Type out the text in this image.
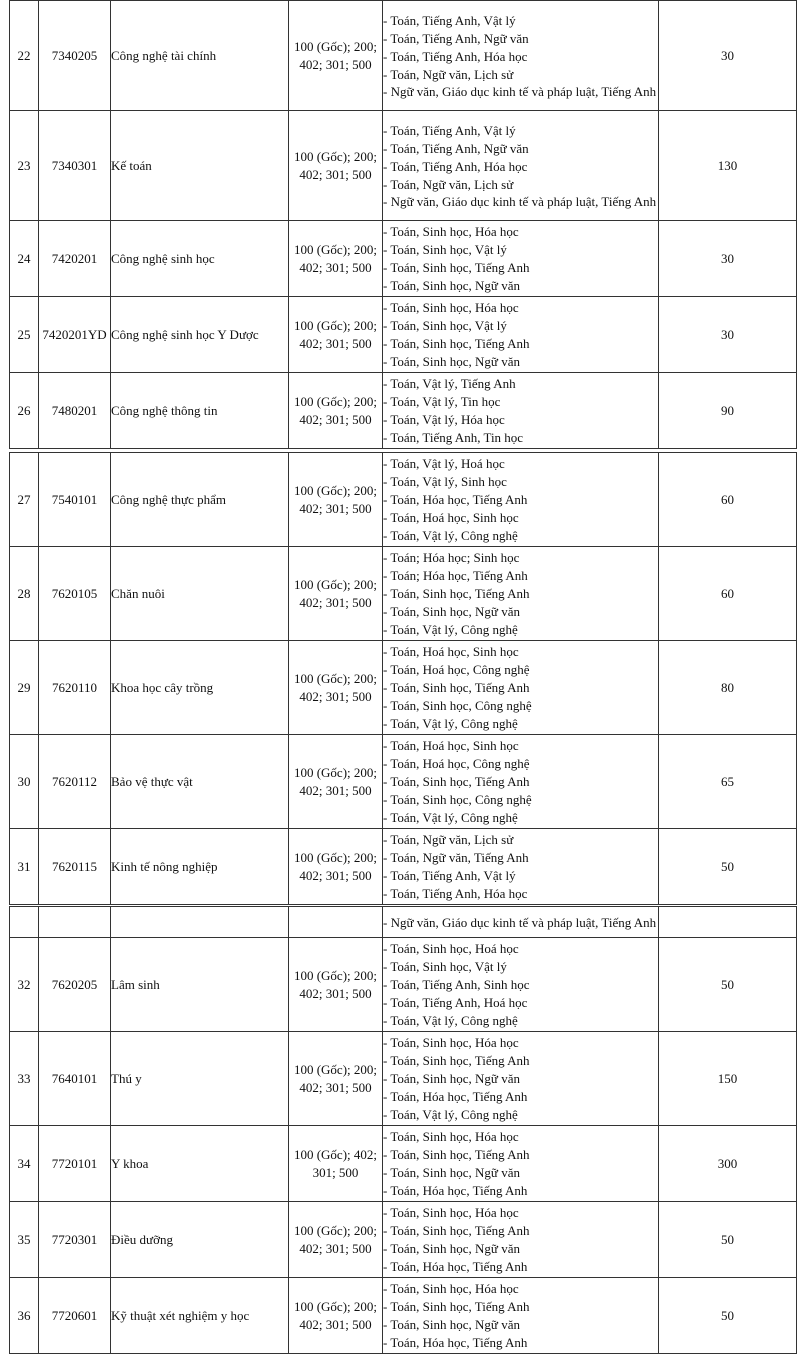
22	7340205	Công nghệ tài chính	100 (Gốc); 200; 402; 301; 500	- Toán, Tiếng Anh, Vật lý
- Toán, Tiếng Anh, Ngữ văn
- Toán, Tiếng Anh, Hóa học
- Toán, Ngữ văn, Lịch sử
- Ngữ văn, Giáo dục kinh tế và pháp luật, Tiếng Anh	30
23	7340301	Kế toán	100 (Gốc); 200; 402; 301; 500	- Toán, Tiếng Anh, Vật lý
- Toán, Tiếng Anh, Ngữ văn
- Toán, Tiếng Anh, Hóa học
- Toán, Ngữ văn, Lịch sử
- Ngữ văn, Giáo dục kinh tế và pháp luật, Tiếng Anh	130
24	7420201	Công nghệ sinh học	100 (Gốc); 200; 402; 301; 500	- Toán, Sinh học, Hóa học
- Toán, Sinh học, Vật lý
- Toán, Sinh học, Tiếng Anh
- Toán, Sinh học, Ngữ văn	30
25	7420201YD	Công nghệ sinh học Y Dược	100 (Gốc); 200; 402; 301; 500	- Toán, Sinh học, Hóa học
- Toán, Sinh học, Vật lý
- Toán, Sinh học, Tiếng Anh
- Toán, Sinh học, Ngữ văn	30
26	7480201	Công nghệ thông tin	100 (Gốc); 200; 402; 301; 500	- Toán, Vật lý, Tiếng Anh
- Toán, Vật lý, Tin học
- Toán, Vật lý, Hóa học
- Toán, Tiếng Anh, Tin học	90
27	7540101	Công nghệ thực phẩm	100 (Gốc); 200; 402; 301; 500	- Toán, Vật lý, Hoá học
- Toán, Vật lý, Sinh học
- Toán, Hóa học, Tiếng Anh
- Toán, Hoá học, Sinh học
- Toán, Vật lý, Công nghệ	60
28	7620105	Chăn nuôi	100 (Gốc); 200; 402; 301; 500	- Toán; Hóa học; Sinh học
- Toán; Hóa học, Tiếng Anh
- Toán, Sinh học, Tiếng Anh
- Toán, Sinh học, Ngữ văn
- Toán, Vật lý, Công nghệ	60
29	7620110	Khoa học cây trồng	100 (Gốc); 200; 402; 301; 500	- Toán, Hoá học, Sinh học
- Toán, Hoá học, Công nghệ
- Toán, Sinh học, Tiếng Anh
- Toán, Sinh học, Công nghệ
- Toán, Vật lý, Công nghệ	80
30	7620112	Bảo vệ thực vật	100 (Gốc); 200; 402; 301; 500	- Toán, Hoá học, Sinh học
- Toán, Hoá học, Công nghệ
- Toán, Sinh học, Tiếng Anh
- Toán, Sinh học, Công nghệ
- Toán, Vật lý, Công nghệ	65
31	7620115	Kinh tế nông nghiệp	100 (Gốc); 200; 402; 301; 500	- Toán, Ngữ văn, Lịch sử
- Toán, Ngữ văn, Tiếng Anh
- Toán, Tiếng Anh, Vật lý
- Toán, Tiếng Anh, Hóa học	50

				- Ngữ văn, Giáo dục kinh tế và pháp luật, Tiếng Anh	

32	7620205	Lâm sinh	100 (Gốc); 200; 402; 301; 500	- Toán, Sinh học, Hoá học
- Toán, Sinh học, Vật lý
- Toán, Tiếng Anh, Sinh học
- Toán, Tiếng Anh, Hoá học
- Toán, Vật lý, Công nghệ	50
33	7640101	Thú y	100 (Gốc); 200; 402; 301; 500	- Toán, Sinh học, Hóa học
- Toán, Sinh học, Tiếng Anh
- Toán, Sinh học, Ngữ văn
- Toán, Hóa học, Tiếng Anh
- Toán, Vật lý, Công nghệ	150
34	7720101	Y khoa	100 (Gốc); 402; 301; 500	- Toán, Sinh học, Hóa học
- Toán, Sinh học, Tiếng Anh
- Toán, Sinh học, Ngữ văn
- Toán, Hóa học, Tiếng Anh	300
35	7720301	Điều dưỡng	100 (Gốc); 200; 402; 301; 500	- Toán, Sinh học, Hóa học
- Toán, Sinh học, Tiếng Anh
- Toán, Sinh học, Ngữ văn
- Toán, Hóa học, Tiếng Anh	50
36	7720601	Kỹ thuật xét nghiệm y học	100 (Gốc); 200; 402; 301; 500	- Toán, Sinh học, Hóa học
- Toán, Sinh học, Tiếng Anh
- Toán, Sinh học, Ngữ văn
- Toán, Hóa học, Tiếng Anh	50
